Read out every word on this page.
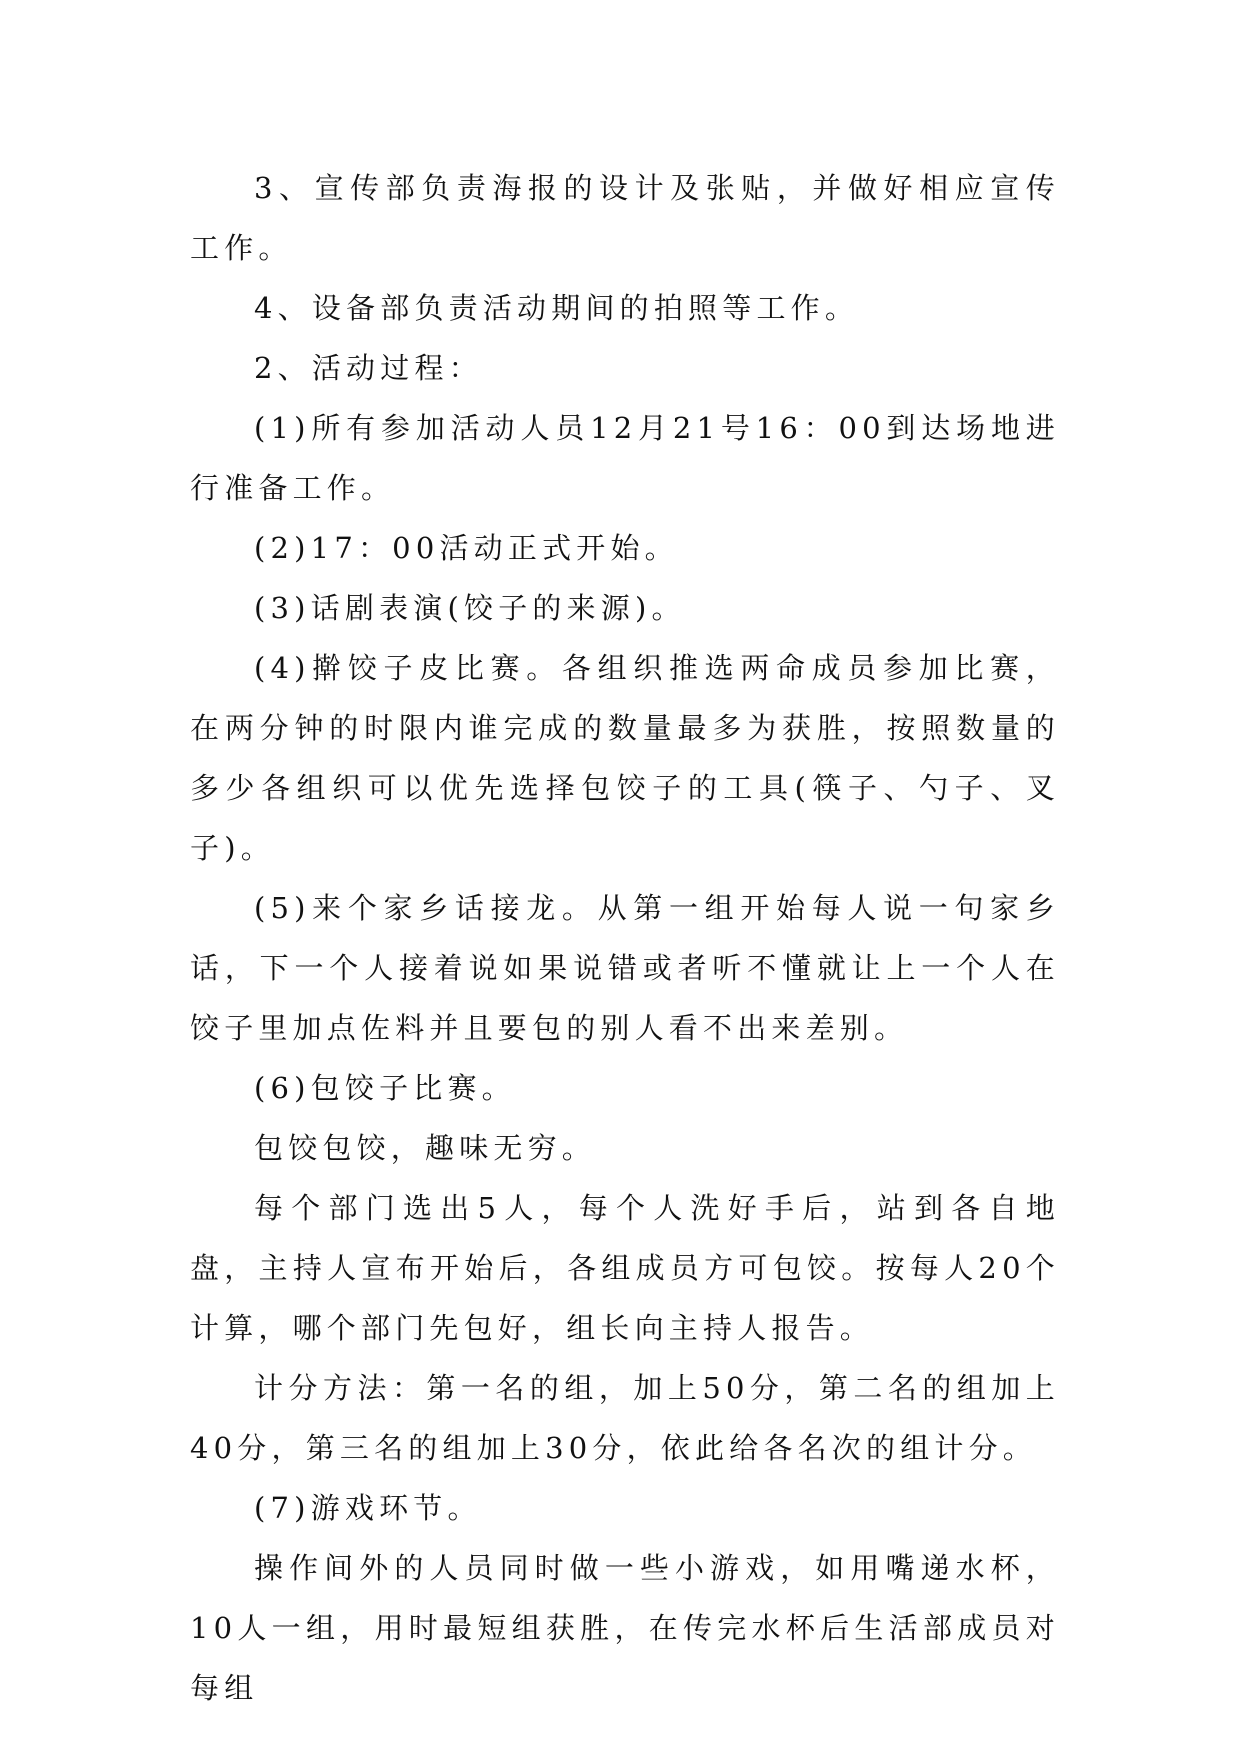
3、宣传部负责海报的设计及张贴，并做好相应宣传工作。

4、设备部负责活动期间的拍照等工作。

2、活动过程：

(1)所有参加活动人员12月21号16：00到达场地进行准备工作。

(2)17：00活动正式开始。

(3)话剧表演(饺子的来源)。

(4)擀饺子皮比赛。各组织推选两命成员参加比赛，在两分钟的时限内谁完成的数量最多为获胜，按照数量的多少各组织可以优先选择包饺子的工具(筷子、勺子、叉子)。

(5)来个家乡话接龙。从第一组开始每人说一句家乡话，下一个人接着说如果说错或者听不懂就让上一个人在饺子里加点佐料并且要包的别人看不出来差别。

(6)包饺子比赛。

包饺包饺，趣味无穷。

每个部门选出5人，每个人洗好手后，站到各自地盘，主持人宣布开始后，各组成员方可包饺。按每人20个计算，哪个部门先包好，组长向主持人报告。

计分方法：第一名的组，加上50分，第二名的组加上40分，第三名的组加上30分，依此给各名次的组计分。

(7)游戏环节。

操作间外的人员同时做一些小游戏，如用嘴递水杯，10人一组，用时最短组获胜，在传完水杯后生活部成员对每组
